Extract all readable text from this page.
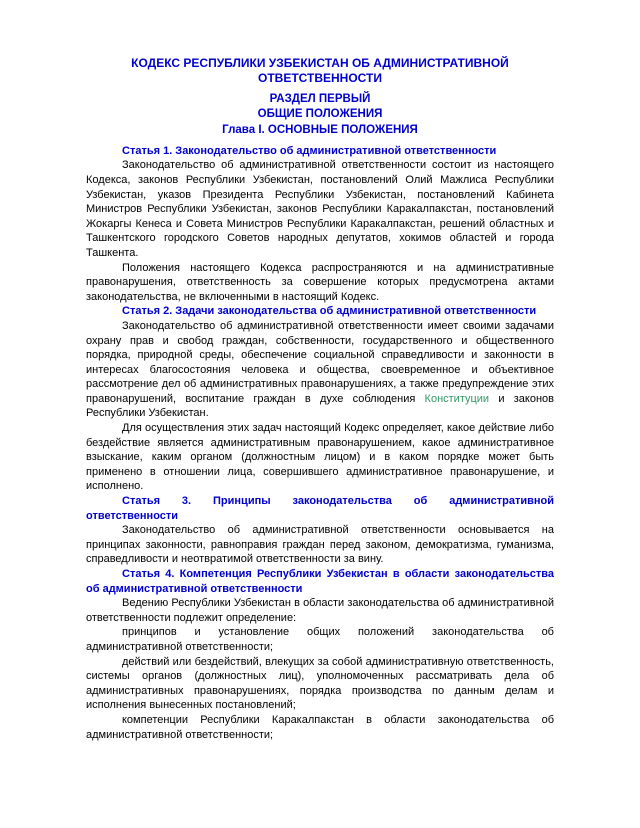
КОДЕКС РЕСПУБЛИКИ УЗБЕКИСТАН ОБ АДМИНИСТРАТИВНОЙ ОТВЕТСТВЕННОСТИ
РАЗДЕЛ ПЕРВЫЙ
ОБЩИЕ ПОЛОЖЕНИЯ
Глава I. ОСНОВНЫЕ ПОЛОЖЕНИЯ

Статья 1. Законодательство об административной ответственности

Законодательство об административной ответственности состоит из настоящего Кодекса, законов Республики Узбекистан, постановлений Олий Мажлиса Республики Узбекистан, указов Президента Республики Узбекистан, постановлений Кабинета Министров Республики Узбекистан, законов Республики Каракалпакстан, постановлений Жокаргы Кенеса и Совета Министров Республики Каракалпакстан, решений областных и Ташкентского городского Советов народных депутатов, хокимов областей и города Ташкента.

Положения настоящего Кодекса распространяются и на административные правонарушения, ответственность за совершение которых предусмотрена актами законодательства, не включенными в настоящий Кодекс.

Статья 2. Задачи законодательства об административной ответственности

Законодательство об административной ответственности имеет своими задачами охрану прав и свобод граждан, собственности, государственного и общественного порядка, природной среды, обеспечение социальной справедливости и законности в интересах благосостояния человека и общества, своевременное и объективное рассмотрение дел об административных правонарушениях, а также предупреждение этих правонарушений, воспитание граждан в духе соблюдения Конституции и законов Республики Узбекистан.

Для осуществления этих задач настоящий Кодекс определяет, какое действие либо бездействие является административным правонарушением, какое административное взыскание, каким органом (должностным лицом) и в каком порядке может быть применено в отношении лица, совершившего административное правонарушение, и исполнено.

Статья 3. Принципы законодательства об административной ответственности

Законодательство об административной ответственности основывается на принципах законности, равноправия граждан перед законом, демократизма, гуманизма, справедливости и неотвратимой ответственности за вину.

Статья 4. Компетенция Республики Узбекистан в области законодательства об административной ответственности

Ведению Республики Узбекистан в области законодательства об административной ответственности подлежит определение:

принципов и установление общих положений законодательства об административной ответственности;

действий или бездействий, влекущих за собой административную ответственность, системы органов (должностных лиц), уполномоченных рассматривать дела об административных правонарушениях, порядка производства по данным делам и исполнения вынесенных постановлений;

компетенции Республики Каракалпакстан в области законодательства об административной ответственности;
